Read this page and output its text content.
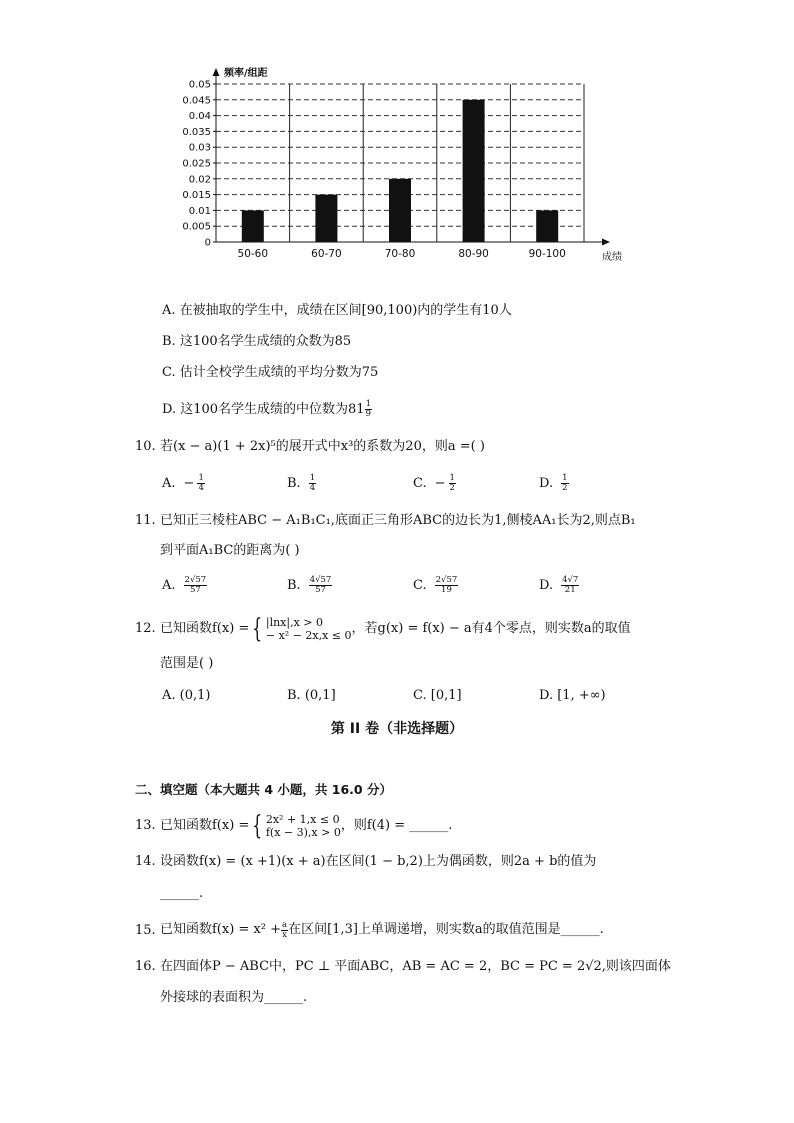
0
0.005
0.01
0.015
0.02
0.025
0.03
0.035
0.04
0.045
0.05
50-60	60-70	70-80	80-90	90-100
频率/组距
成绩
A. 在被抽取的学生中，成绩在区间[90,100)内的学生有10人
B. 这100名学生成绩的众数为85
C. 估计全校学生成绩的平均分数为75
D. 这100名学生成绩的中位数为$81 \frac{1}{9}$
10. 若(x − a)(1 + 2x)⁵的展开式中x³的系数为20，则a =( )
A. − $\frac{1}{4}$	B. $\frac{1}{4}$	C. − $\frac{1}{2}$	D. $\frac{1}{2}$
11. 已知正三棱柱ABC − A₁B₁C₁,底面正三角形ABC的边长为1,侧棱AA₁长为2,则点B₁
到平面A₁BC的距离为( )
A. $\frac{2√57}{57}$	B. $\frac{4√57}{57}$	C. $\frac{2√57}{19}$	D. $\frac{4√7}{21}$
12. 已知函数f(x) = { |lnx|,x > 0
− x² − 2x,x ≤ 0 ，若g(x) = f(x) − a有4个零点，则实数a的取值
范围是( )
A. (0,1)	B. (0,1]	C. [0,1]	D. [1, +∞)
第 II 卷（非选择题）
二、填空题（本大题共 4 小题，共 16.0 分）
13. 已知函数f(x) = { 2x² + 1,x ≤ 0
f(x − 3),x > 0 ，则f(4) = ______.
14. 设函数f(x) = (x +1)(x + a)在区间(1 − b,2)上为偶函数，则2a + b的值为
______.
15. 已知函数$f(x) = x^2 + \frac{a}{x}$ 在区间[1,3]上单调递增，则实数a的取值范围是______.
16. 在四面体P − ABC中，PC ⊥ 平面ABC，AB = AC = 2，BC = PC = 2√2,则该四面体
外接球的表面积为______.
